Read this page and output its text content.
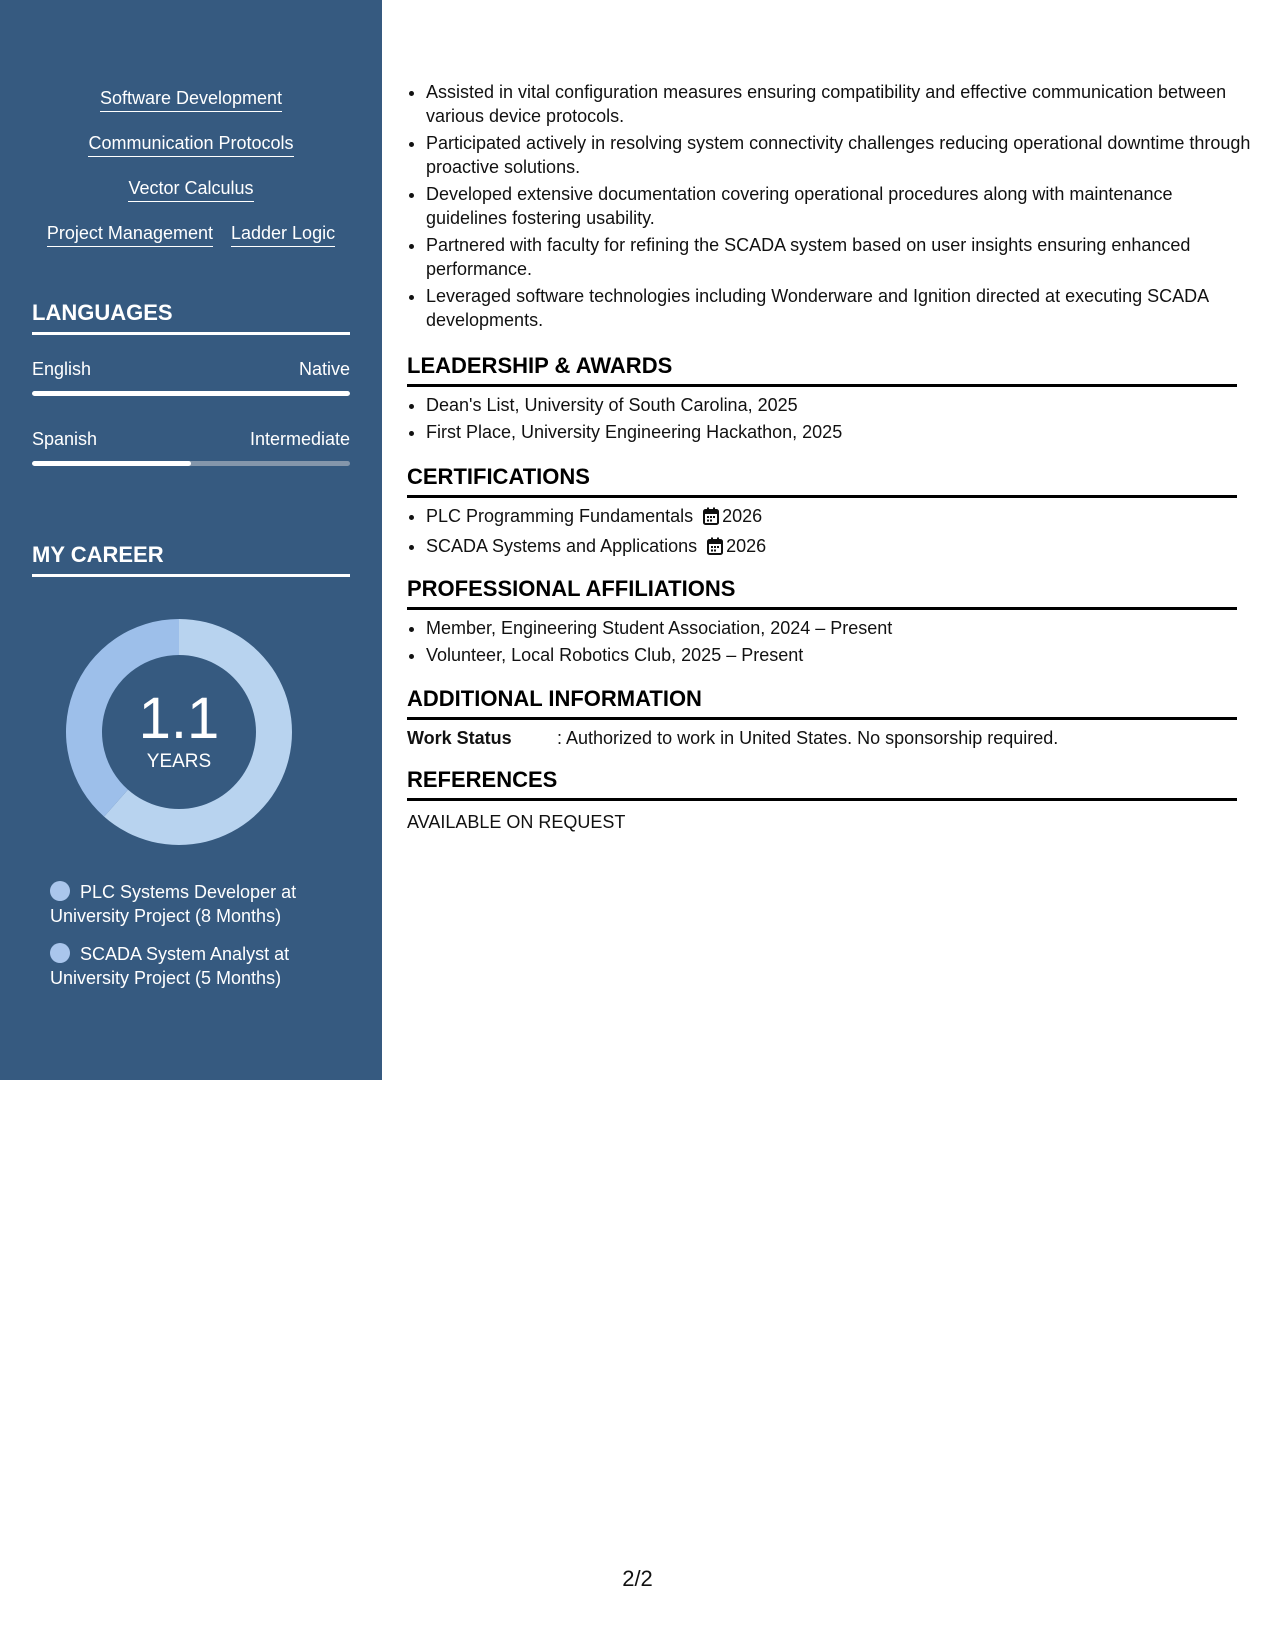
Software Development
Communication Protocols
Vector Calculus
Project Management Ladder Logic
LANGUAGES
English	Native
Spanish	Intermediate
MY CAREER
1.1
YEARS
PLC Systems Developer at University Project (8 Months)
SCADA System Analyst at University Project (5 Months)
• Assisted in vital configuration measures ensuring compatibility and effective communication between various device protocols.
• Participated actively in resolving system connectivity challenges reducing operational downtime through proactive solutions.
• Developed extensive documentation covering operational procedures along with maintenance guidelines fostering usability.
• Partnered with faculty for refining the SCADA system based on user insights ensuring enhanced performance.
• Leveraged software technologies including Wonderware and Ignition directed at executing SCADA developments.
LEADERSHIP & AWARDS
• Dean's List, University of South Carolina, 2025
• First Place, University Engineering Hackathon, 2025
CERTIFICATIONS
• PLC Programming Fundamentals 2026
• SCADA Systems and Applications 2026
PROFESSIONAL AFFILIATIONS
• Member, Engineering Student Association, 2024 – Present
• Volunteer, Local Robotics Club, 2025 – Present
ADDITIONAL INFORMATION
Work Status	: Authorized to work in United States. No sponsorship required.
REFERENCES
AVAILABLE ON REQUEST
2/2
